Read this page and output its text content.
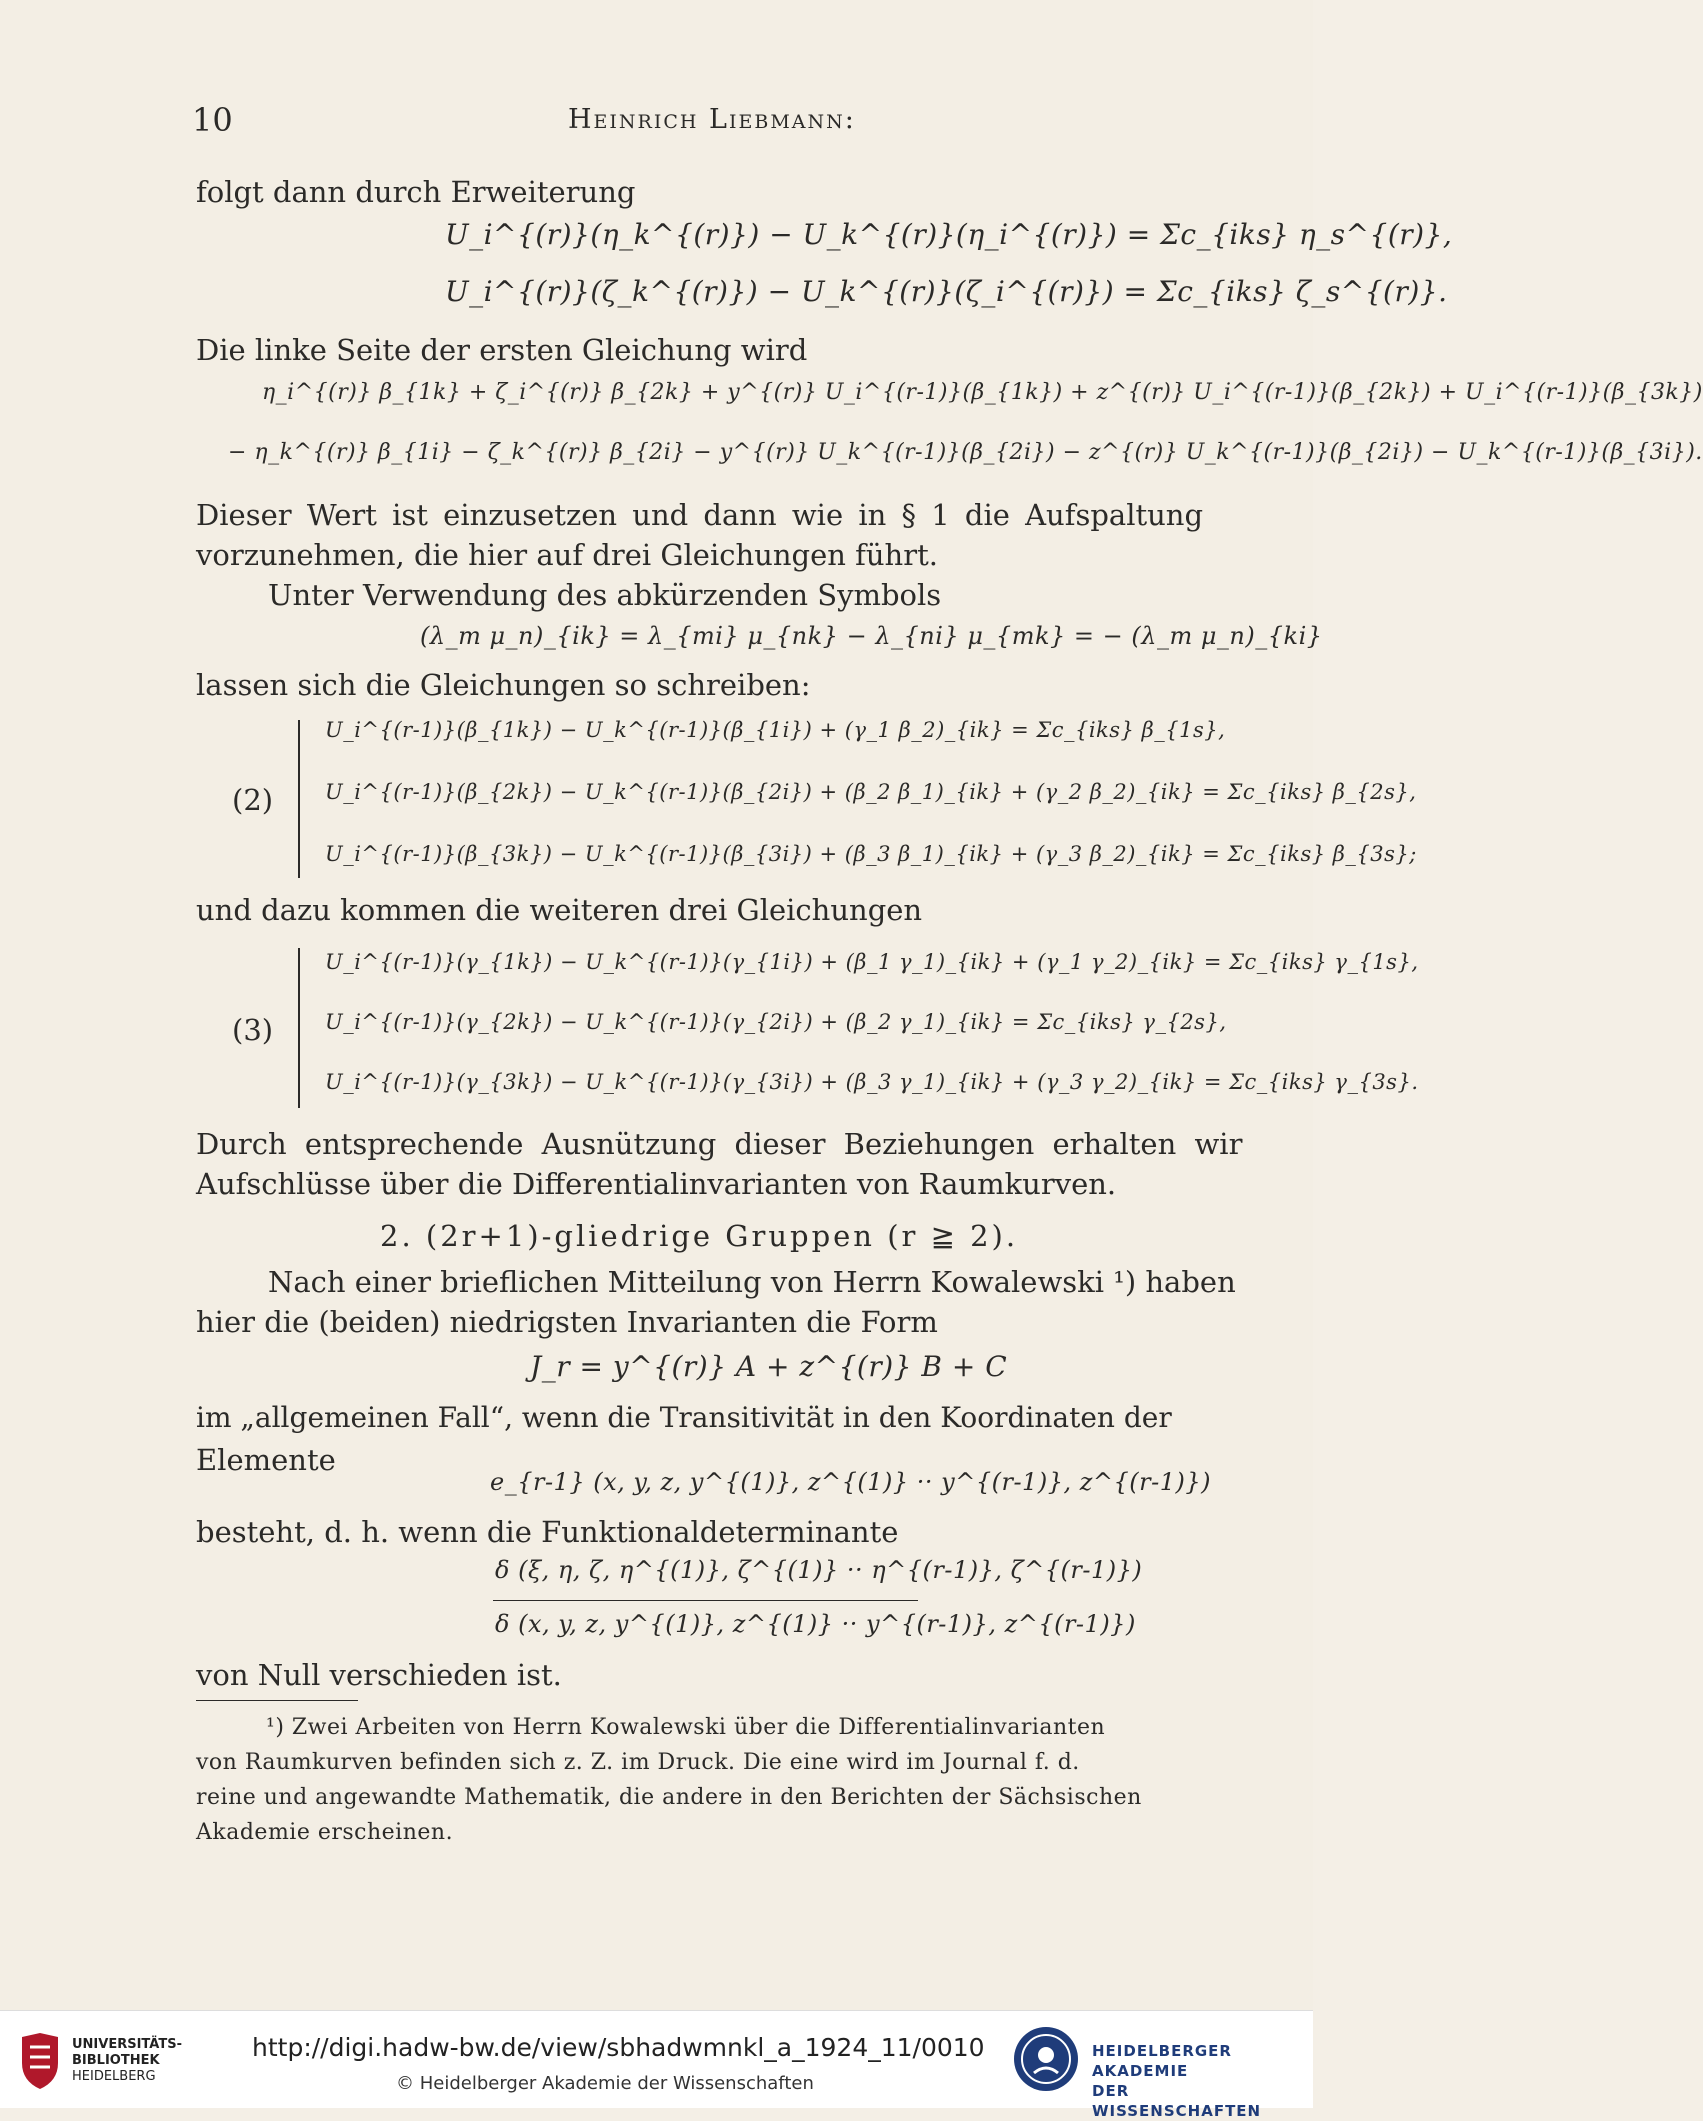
10	Heinrich Liebmann:
folgt dann durch Erweiterung
U_i^{(r)}(η_k^{(r)}) − U_k^{(r)}(η_i^{(r)}) = Σc_{iks} η_s^{(r)},
U_i^{(r)}(ζ_k^{(r)}) − U_k^{(r)}(ζ_i^{(r)}) = Σc_{iks} ζ_s^{(r)}.
Die linke Seite der ersten Gleichung wird
η_i^{(r)} β_{1k} + ζ_i^{(r)} β_{2k} + y^{(r)} U_i^{(r-1)}(β_{1k}) + z^{(r)} U_i^{(r-1)}(β_{2k}) + U_i^{(r-1)}(β_{3k})
− η_k^{(r)} β_{1i} − ζ_k^{(r)} β_{2i} − y^{(r)} U_k^{(r-1)}(β_{2i}) − z^{(r)} U_k^{(r-1)}(β_{2i}) − U_k^{(r-1)}(β_{3i}).
Dieser Wert ist einzusetzen und dann wie in § 1 die Aufspaltung
vorzunehmen, die hier auf drei Gleichungen führt.
Unter Verwendung des abkürzenden Symbols
(λ_m μ_n)_{ik} = λ_{mi} μ_{nk} − λ_{ni} μ_{mk} = − (λ_m μ_n)_{ki}
lassen sich die Gleichungen so schreiben:
(2)
U_i^{(r-1)}(β_{1k}) − U_k^{(r-1)}(β_{1i}) + (γ_1 β_2)_{ik} = Σc_{iks} β_{1s},
U_i^{(r-1)}(β_{2k}) − U_k^{(r-1)}(β_{2i}) + (β_2 β_1)_{ik} + (γ_2 β_2)_{ik} = Σc_{iks} β_{2s},
U_i^{(r-1)}(β_{3k}) − U_k^{(r-1)}(β_{3i}) + (β_3 β_1)_{ik} + (γ_3 β_2)_{ik} = Σc_{iks} β_{3s};
und dazu kommen die weiteren drei Gleichungen
(3)
U_i^{(r-1)}(γ_{1k}) − U_k^{(r-1)}(γ_{1i}) + (β_1 γ_1)_{ik} + (γ_1 γ_2)_{ik} = Σc_{iks} γ_{1s},
U_i^{(r-1)}(γ_{2k}) − U_k^{(r-1)}(γ_{2i}) + (β_2 γ_1)_{ik} = Σc_{iks} γ_{2s},
U_i^{(r-1)}(γ_{3k}) − U_k^{(r-1)}(γ_{3i}) + (β_3 γ_1)_{ik} + (γ_3 γ_2)_{ik} = Σc_{iks} γ_{3s}.
Durch entsprechende Ausnützung dieser Beziehungen erhalten wir
Aufschlüsse über die Differentialinvarianten von Raumkurven.
2. (2r+1)-gliedrige Gruppen (r ≧ 2).
Nach einer brieflichen Mitteilung von Herrn Kowalewski ¹) haben
hier die (beiden) niedrigsten Invarianten die Form
J_r = y^{(r)} A + z^{(r)} B + C
im „allgemeinen Fall“, wenn die Transitivität in den Koordinaten der
Elemente
e_{r-1} (x, y, z, y^{(1)}, z^{(1)} ·· y^{(r-1)}, z^{(r-1)})
besteht, d. h. wenn die Funktionaldeterminante
δ (ξ, η, ζ, η^{(1)}, ζ^{(1)} ·· η^{(r-1)}, ζ^{(r-1)})
δ (x, y, z, y^{(1)}, z^{(1)} ·· y^{(r-1)}, z^{(r-1)})
von Null verschieden ist.
¹) Zwei Arbeiten von Herrn Kowalewski über die Differentialinvarianten
von Raumkurven befinden sich z. Z. im Druck. Die eine wird im Journal f. d.
reine und angewandte Mathematik, die andere in den Berichten der Sächsischen
Akademie erscheinen.
UNIVERSITÄTS-
BIBLIOTHEK
HEIDELBERG
http://digi.hadw-bw.de/view/sbhadwmnkl_a_1924_11/0010
© Heidelberger Akademie der Wissenschaften
HEIDELBERGER AKADEMIE
DER WISSENSCHAFTEN
